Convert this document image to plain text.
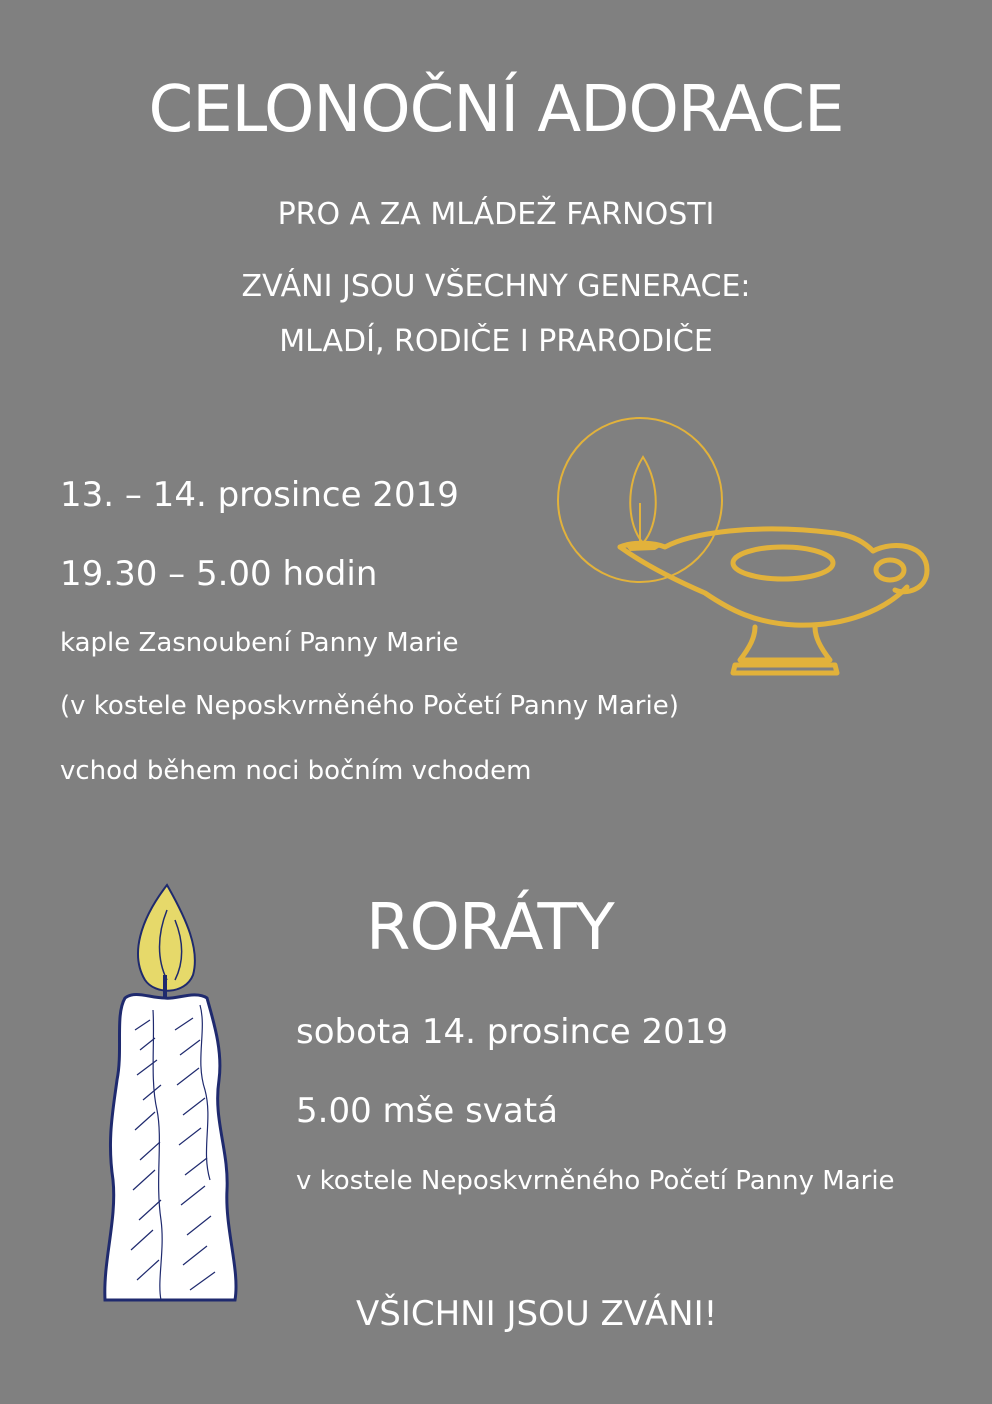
CELONOČNÍ ADORACE
PRO A ZA MLÁDEŽ FARNOSTI
ZVÁNI JSOU VŠECHNY GENERACE:
MLADÍ, RODIČE I PRARODIČE
13. – 14. prosince 2019
19.30 – 5.00 hodin
kaple Zasnoubení Panny Marie
(v kostele Neposkvrněného Početí Panny Marie)
vchod během noci bočním vchodem
RORÁTY
sobota 14. prosince 2019
5.00 mše svatá
v kostele Neposkvrněného Početí Panny Marie
VŠICHNI JSOU ZVÁNI!
